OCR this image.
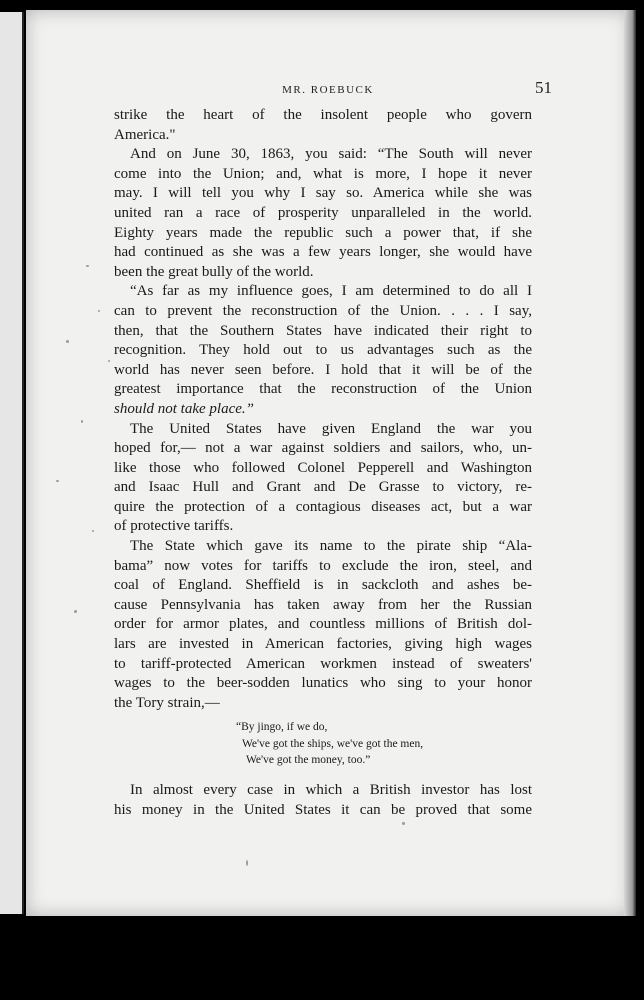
MR. ROEBUCK	51
strike the heart of the insolent people who govern
America."
And on June 30, 1863, you said: “The South will never
come into the Union; and, what is more, I hope it never
may. I will tell you why I say so. America while she was
united ran a race of prosperity unparalleled in the world.
Eighty years made the republic such a power that, if she
had continued as she was a few years longer, she would have
been the great bully of the world.
“As far as my influence goes, I am determined to do all I
can to prevent the reconstruction of the Union. . . . I say,
then, that the Southern States have indicated their right to
recognition. They hold out to us advantages such as the
world has never seen before. I hold that it will be of the
greatest importance that the reconstruction of the Union
should not take place.”
The United States have given England the war you
hoped for,— not a war against soldiers and sailors, who, un-
like those who followed Colonel Pepperell and Washington
and Isaac Hull and Grant and De Grasse to victory, re-
quire the protection of a contagious diseases act, but a war
of protective tariffs.
The State which gave its name to the pirate ship “Ala-
bama” now votes for tariffs to exclude the iron, steel, and
coal of England. Sheffield is in sackcloth and ashes be-
cause Pennsylvania has taken away from her the Russian
order for armor plates, and countless millions of British dol-
lars are invested in American factories, giving high wages
to tariff-protected American workmen instead of sweaters'
wages to the beer-sodden lunatics who sing to your honor
the Tory strain,—
“By jingo, if we do,
We've got the ships, we've got the men,
We've got the money, too.”
In almost every case in which a British investor has lost
his money in the United States it can be proved that some
